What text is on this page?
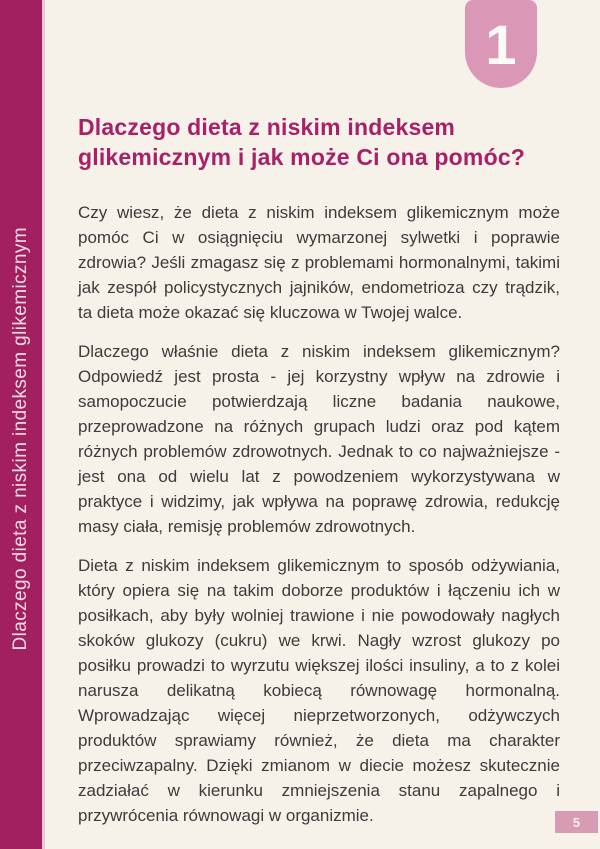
Dlaczego dieta z niskim indeksem glikemicznym
1
Dlaczego dieta z niskim indeksem glikemicznym i jak może Ci ona pomóc?

Czy wiesz, że dieta z niskim indeksem glikemicznym może pomóc Ci w osiągnięciu wymarzonej sylwetki i poprawie zdrowia? Jeśli zmagasz się z problemami hormonalnymi, takimi jak zespół policystycznych jajników, endometrioza czy trądzik, ta dieta może okazać się kluczowa w Twojej walce.

Dlaczego właśnie dieta z niskim indeksem glikemicznym? Odpowiedź jest prosta - jej korzystny wpływ na zdrowie i samopoczucie potwierdzają liczne badania naukowe, przeprowadzone na różnych grupach ludzi oraz pod kątem różnych problemów zdrowotnych. Jednak to co najważniejsze - jest ona od wielu lat z powodzeniem wykorzystywana w praktyce i widzimy, jak wpływa na poprawę zdrowia, redukcję masy ciała, remisję problemów zdrowotnych.

Dieta z niskim indeksem glikemicznym to sposób odżywiania, który opiera się na takim doborze produktów i łączeniu ich w posiłkach, aby były wolniej trawione i nie powodowały nagłych skoków glukozy (cukru) we krwi. Nagły wzrost glukozy po posiłku prowadzi to wyrzutu większej ilości insuliny, a to z kolei narusza delikatną kobiecą równowagę hormonalną. Wprowadzając więcej nieprzetworzonych, odżywczych produktów sprawiamy również, że dieta ma charakter przeciwzapalny. Dzięki zmianom w diecie możesz skutecznie zadziałać w kierunku zmniejszenia stanu zapalnego i przywrócenia równowagi w organizmie.	5
